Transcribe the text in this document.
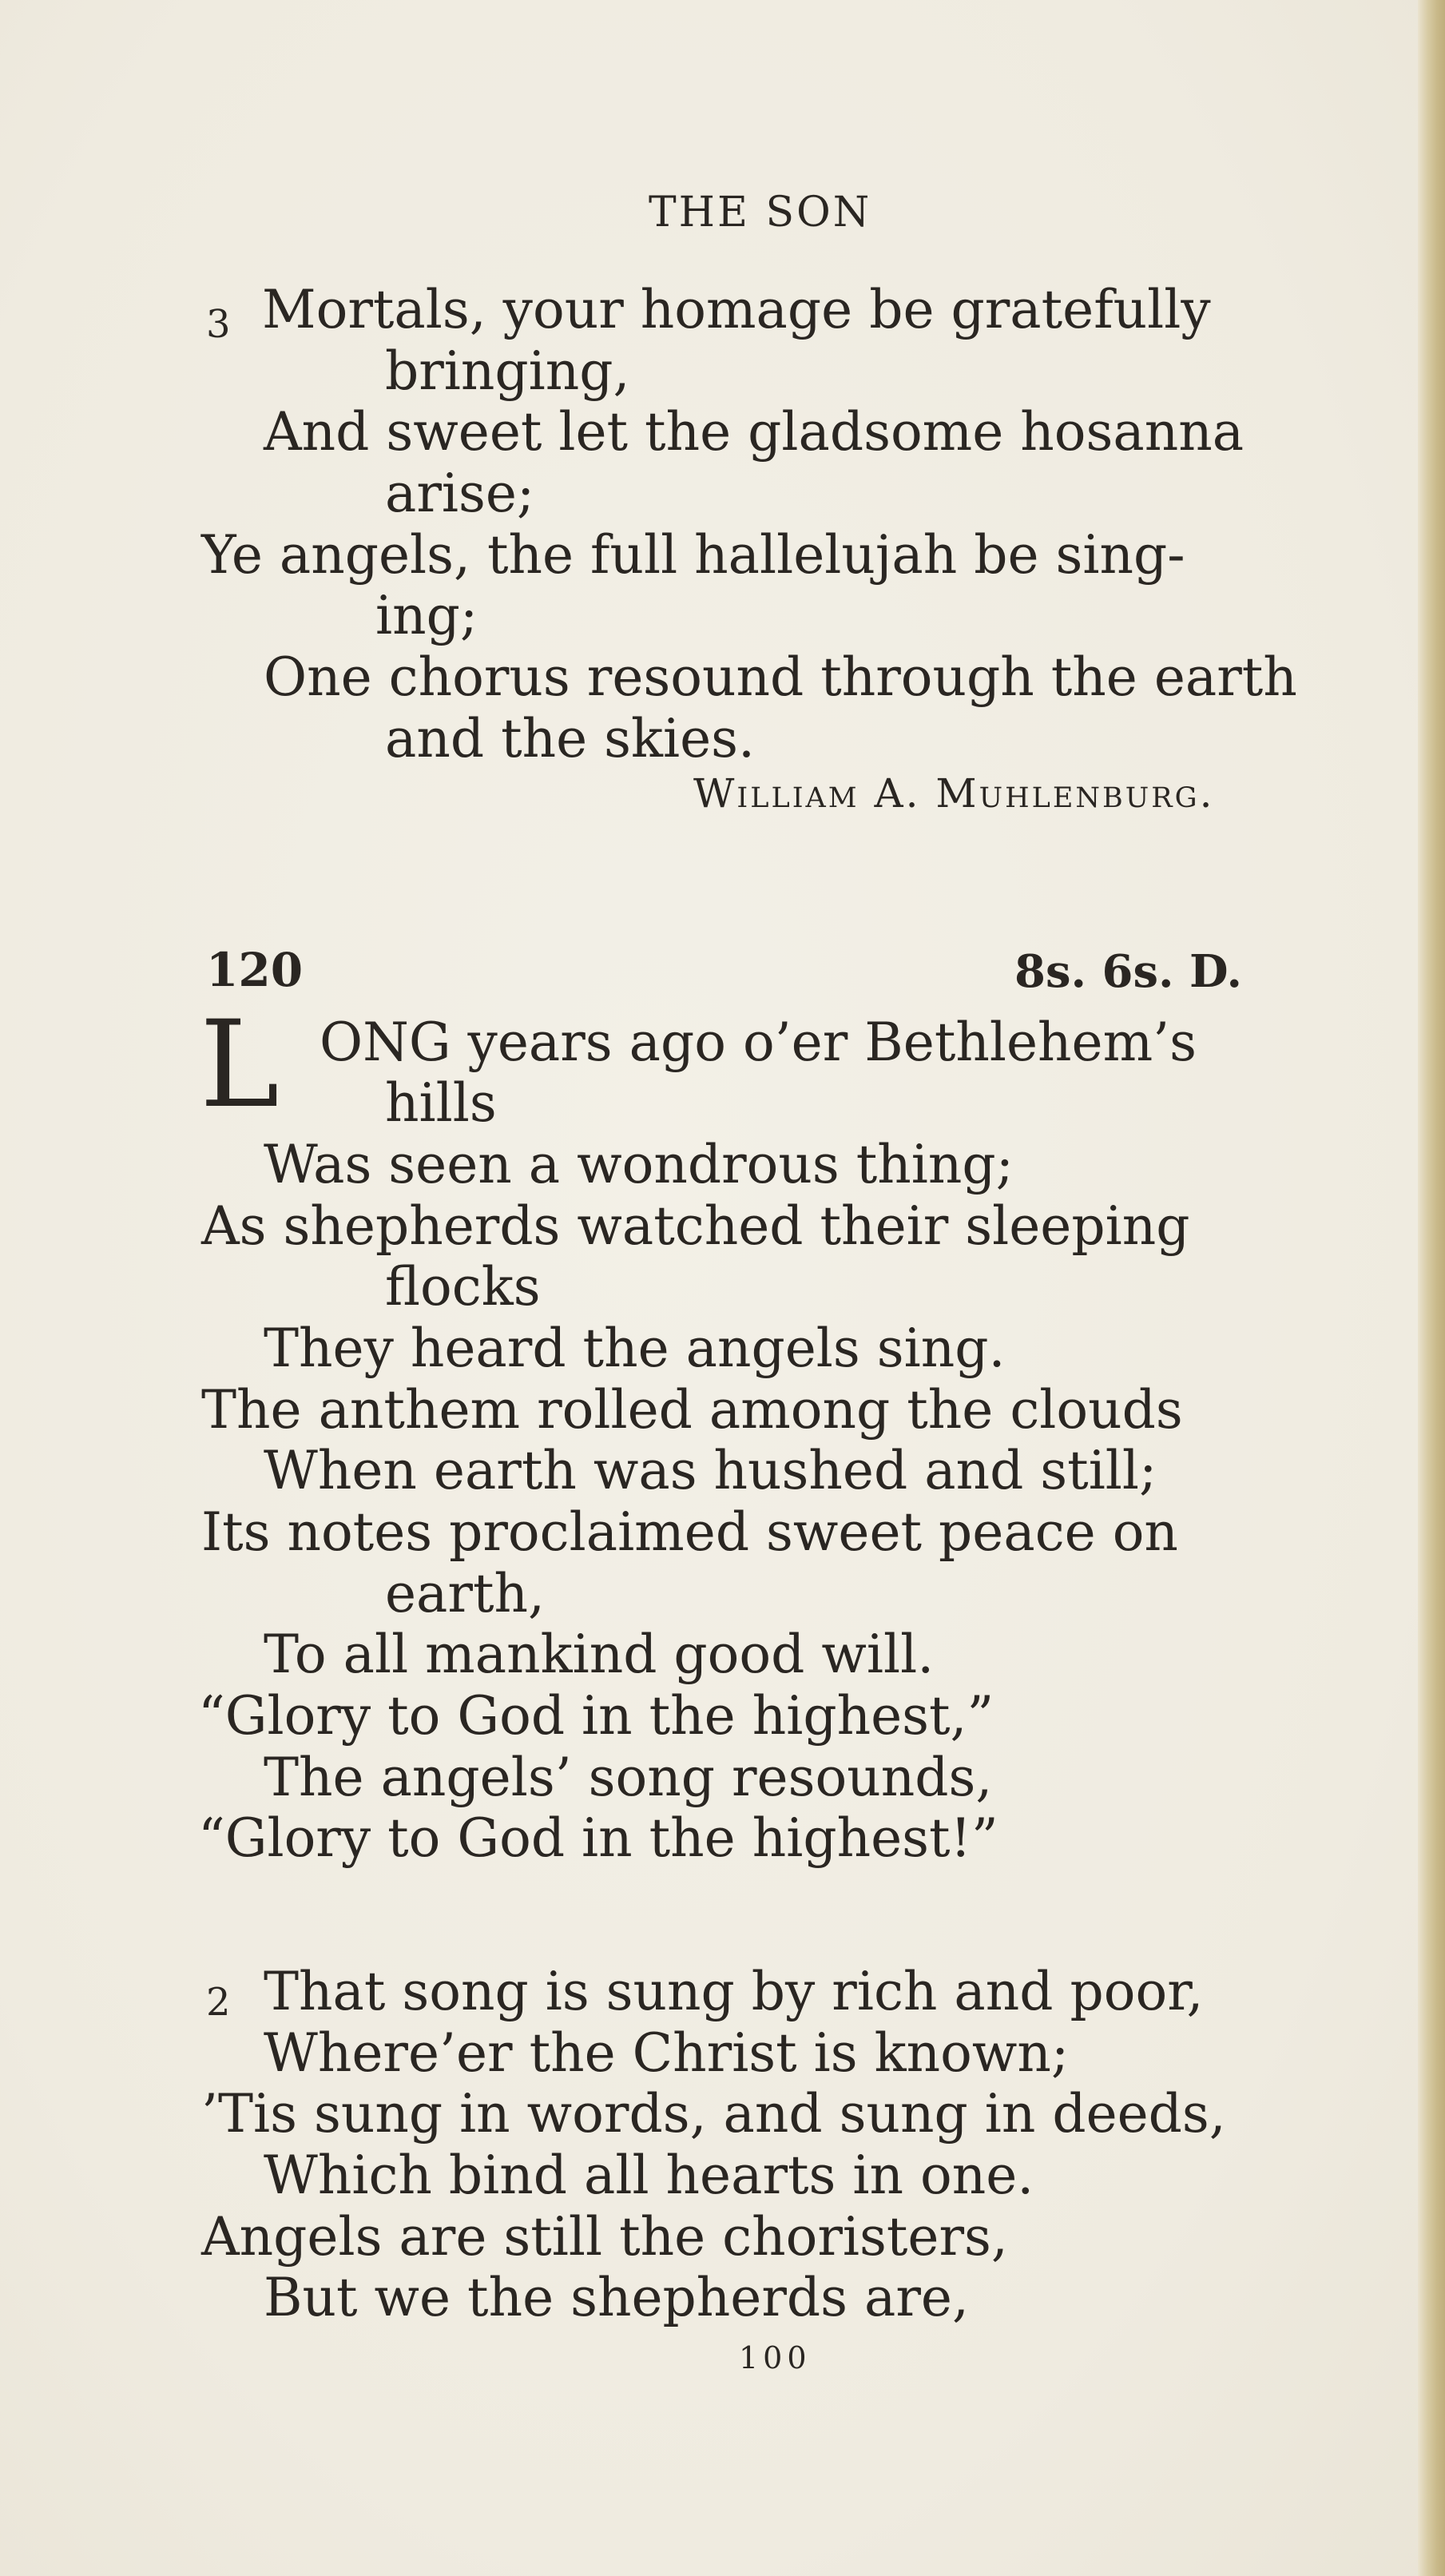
THE SON
3 Mortals, your homage be gratefully
bringing,
And sweet let the gladsome hosanna
arise;
Ye angels, the full hallelujah be sing-
ing;
One chorus resound through the earth
and the skies.
William A. Muhlenburg.
120	8s. 6s. D.
L ONG years ago o’er Bethlehem’s
hills
Was seen a wondrous thing;
As shepherds watched their sleeping
flocks
They heard the angels sing.
The anthem rolled among the clouds
When earth was hushed and still;
Its notes proclaimed sweet peace on
earth,
To all mankind good will.
“Glory to God in the highest,”
The angels’ song resounds,
“Glory to God in the highest!”
2 That song is sung by rich and poor,
Where’er the Christ is known;
’Tis sung in words, and sung in deeds,
Which bind all hearts in one.
Angels are still the choristers,
But we the shepherds are,
100
